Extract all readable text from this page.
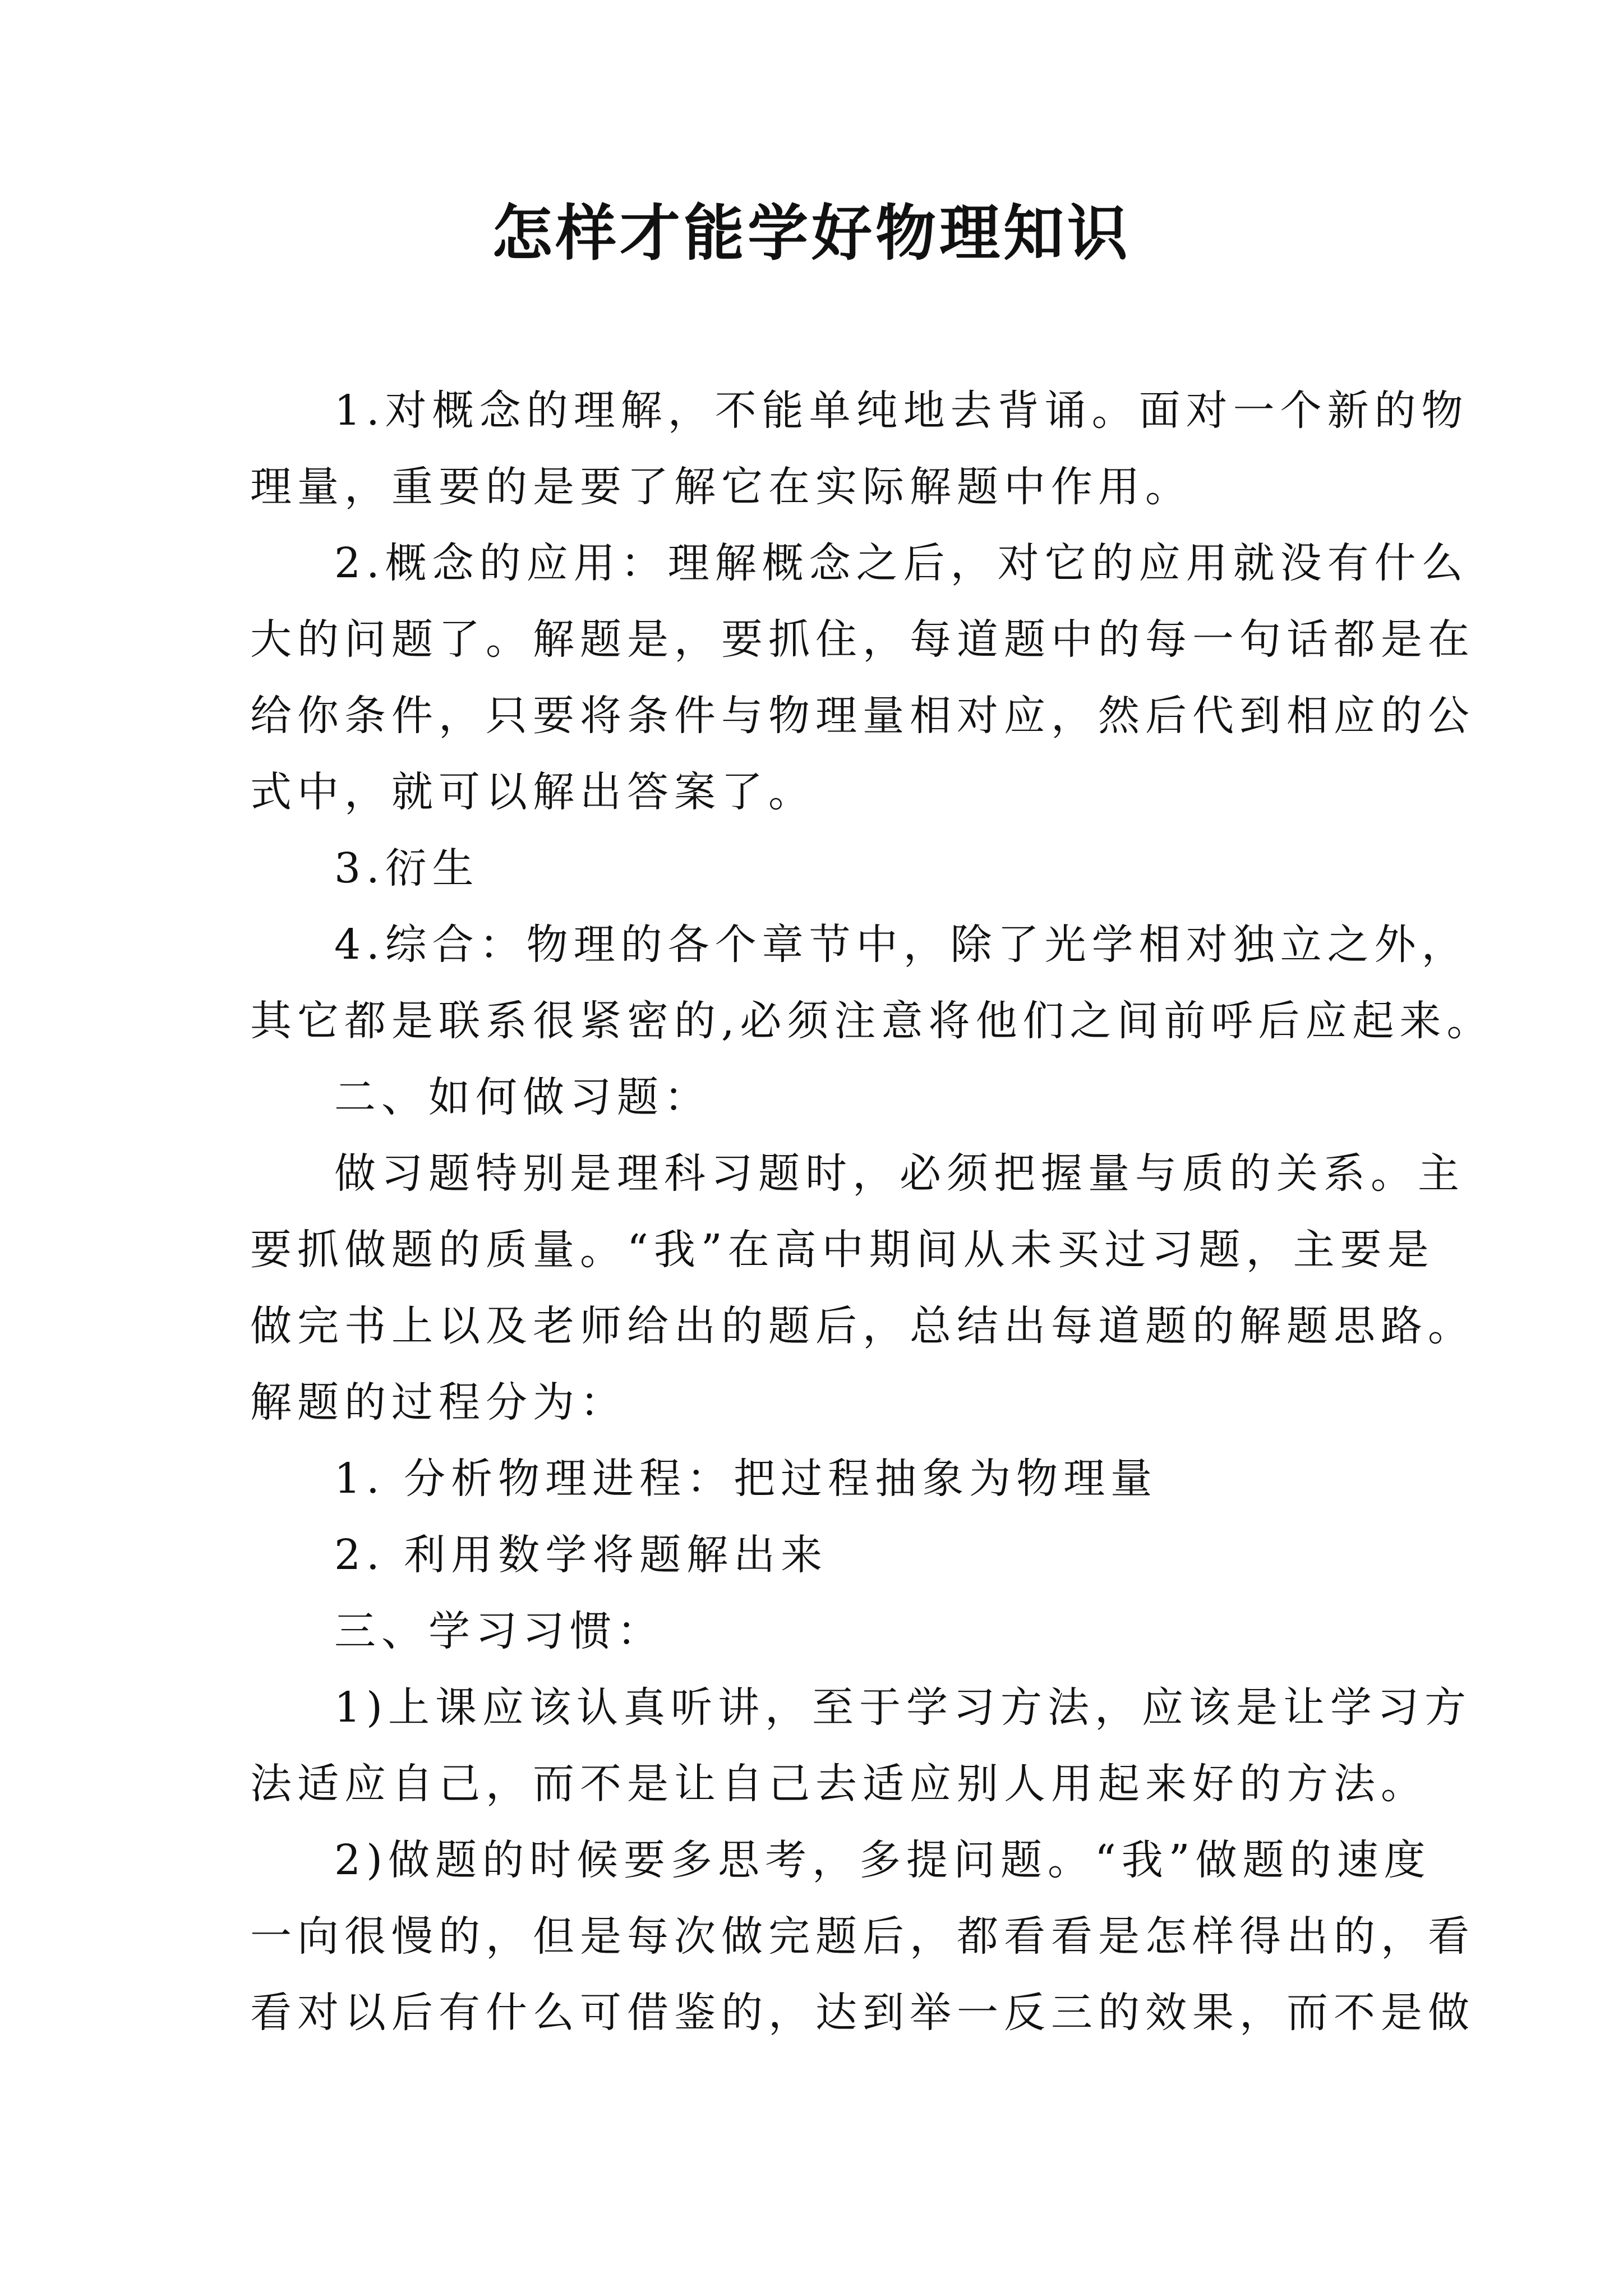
怎样才能学好物理知识
1.对概念的理解，不能单纯地去背诵。面对一个新的物
理量，重要的是要了解它在实际解题中作用。
2.概念的应用：理解概念之后，对它的应用就没有什么
大的问题了。解题是，要抓住，每道题中的每一句话都是在
给你条件，只要将条件与物理量相对应，然后代到相应的公
式中，就可以解出答案了。
3.衍生
4.综合：物理的各个章节中，除了光学相对独立之外，
其它都是联系很紧密的,必须注意将他们之间前呼后应起来。
二、如何做习题：
做习题特别是理科习题时，必须把握量与质的关系。主
要抓做题的质量。“我”在高中期间从未买过习题，主要是
做完书上以及老师给出的题后，总结出每道题的解题思路。
解题的过程分为：
1. 分析物理进程：把过程抽象为物理量
2. 利用数学将题解出来
三、学习习惯：
1)上课应该认真听讲，至于学习方法，应该是让学习方
法适应自己，而不是让自己去适应别人用起来好的方法。
2)做题的时候要多思考，多提问题。“我”做题的速度
一向很慢的，但是每次做完题后，都看看是怎样得出的，看
看对以后有什么可借鉴的，达到举一反三的效果，而不是做
